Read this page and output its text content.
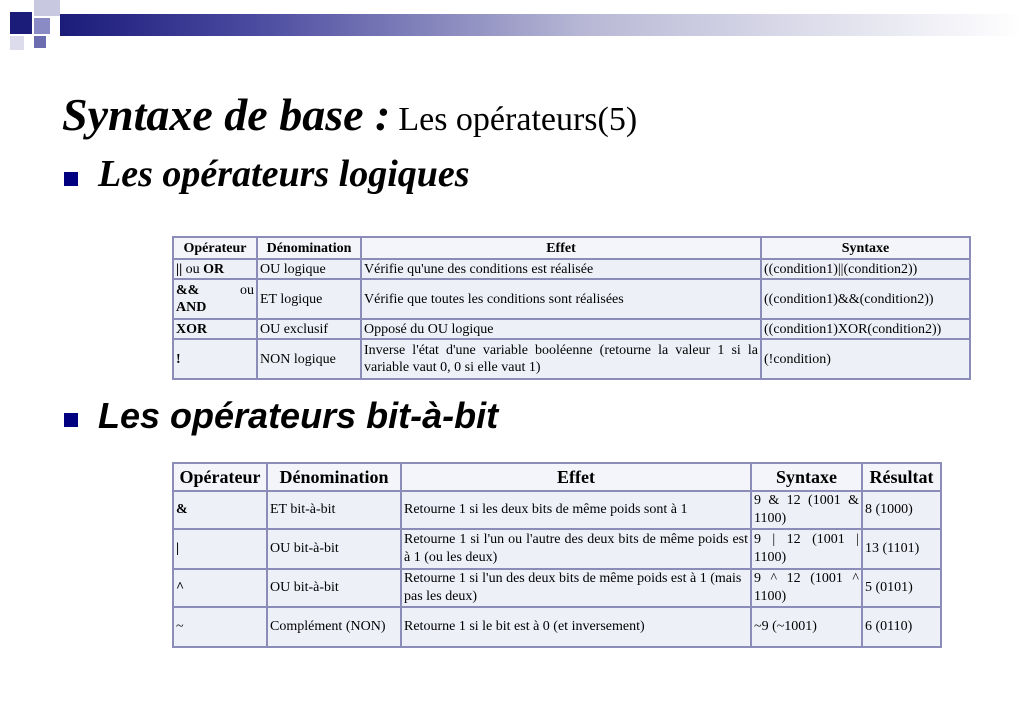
Syntaxe de base : Les opérateurs(5)
Les opérateurs logiques
Opérateur	Dénomination	Effet	Syntaxe
|| ou OR	OU logique	Vérifie qu'une des conditions est réalisée	((condition1)||(condition2))

&& ou
AND	ET logique	Vérifie que toutes les conditions sont réalisées	((condition1)&&(condition2))
XOR	OU exclusif	Opposé du OU logique	((condition1)XOR(condition2))
!	NON logique	Inverse l'état d'une variable booléenne (retourne la valeur 1 si la variable vaut 0, 0 si elle vaut 1)	(!condition)
Les opérateurs bit-à-bit
Opérateur	Dénomination	Effet	Syntaxe	Résultat
&	ET bit-à-bit	Retourne 1 si les deux bits de même poids sont à 1	9 & 12 (1001 & 1100)	8 (1000)
|	OU bit-à-bit	Retourne 1 si l'un ou l'autre des deux bits de même poids est à 1 (ou les deux)	9 | 12 (1001 | 1100)	13 (1101)
^	OU bit-à-bit	Retourne 1 si l'un des deux bits de même poids est à 1 (mais pas les deux)	9 ^ 12 (1001 ^ 1100)	5 (0101)
~	Complément (NON)	Retourne 1 si le bit est à 0 (et inversement)	~9 (~1001)	6 (0110)
